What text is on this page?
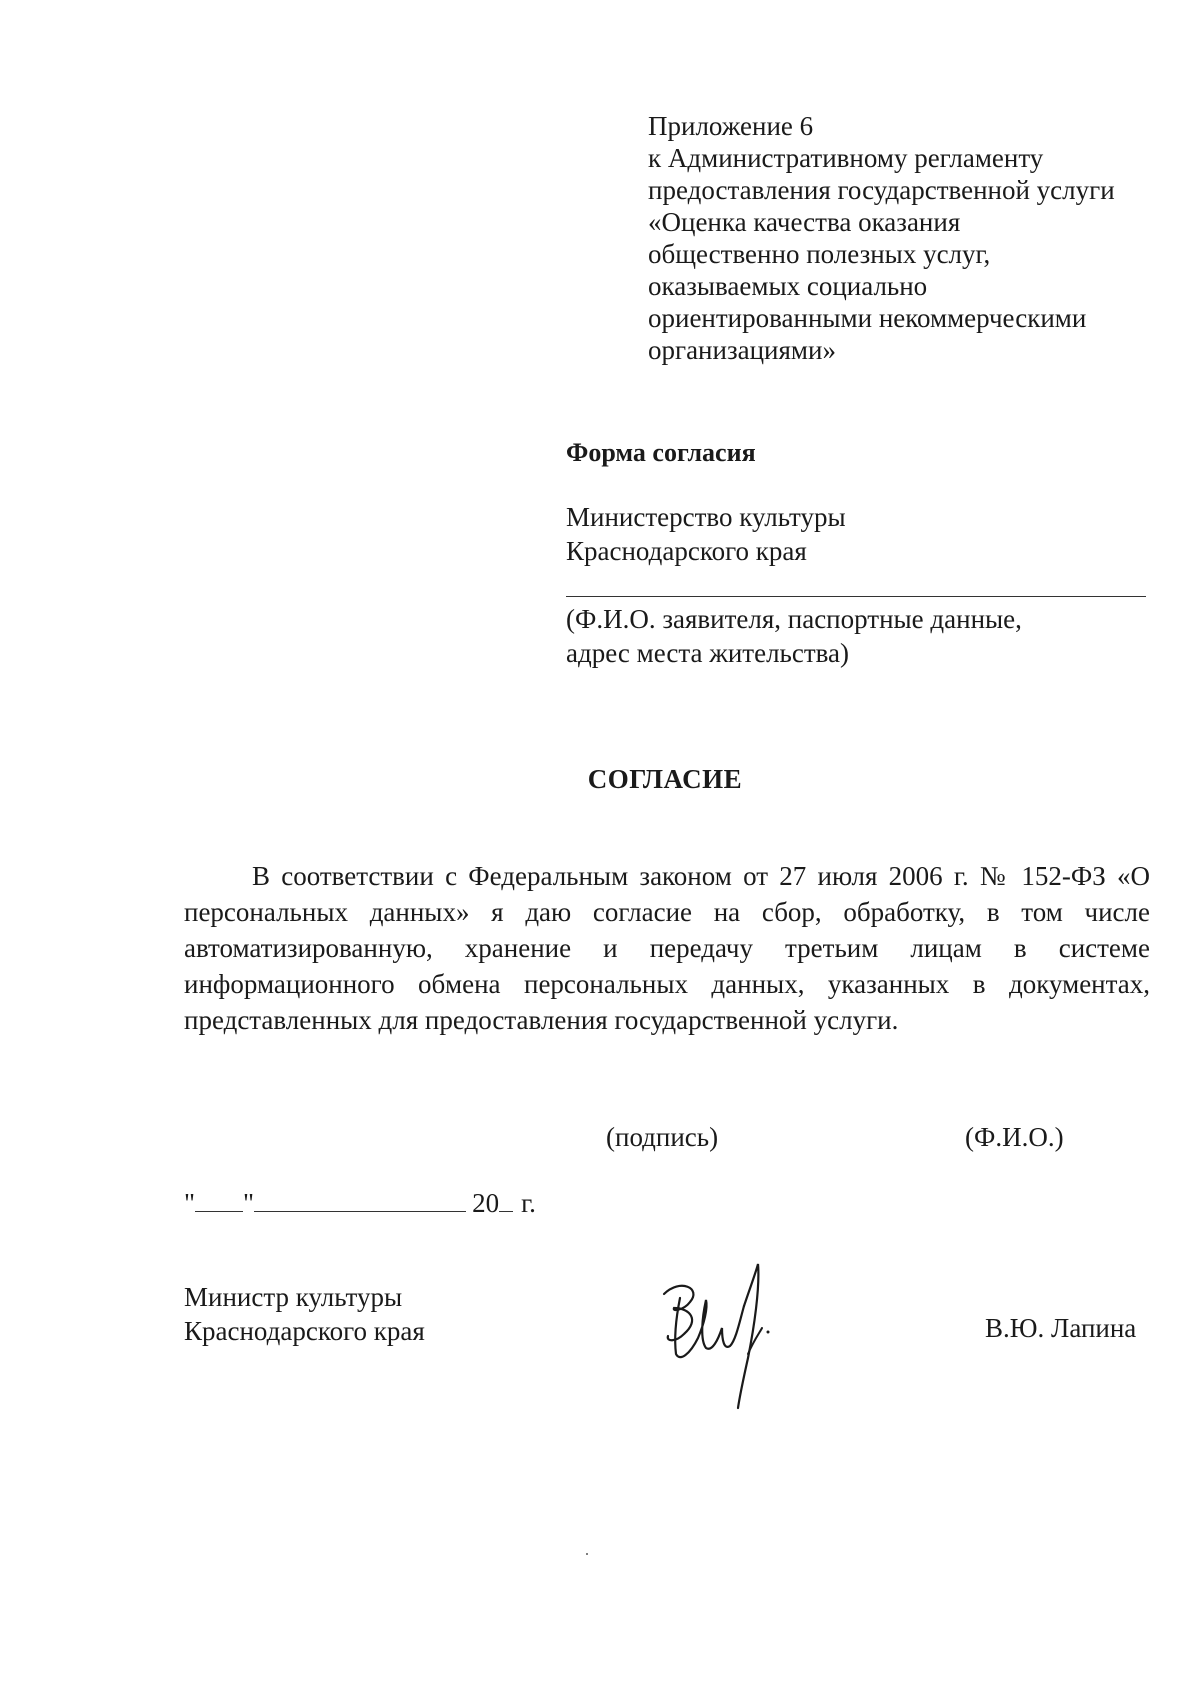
Приложение 6
к Административному регламенту
предоставления государственной услуги
«Оценка качества оказания
общественно полезных услуг,
оказываемых социально
ориентированными некоммерческими
организациями»
Форма согласия
Министерство культуры
Краснодарского края
(Ф.И.О. заявителя, паспортные данные,
адрес места жительства)
СОГЛАСИЕ
В соответствии с Федеральным законом от 27 июля 2006 г. № 152-ФЗ «О персональных данных» я даю согласие на сбор, обработку, в том числе автоматизированную, хранение и передачу третьим лицам в системе информационного обмена персональных данных, указанных в документах, представленных для предоставления государственной услуги.
(подпись)	(Ф.И.О.)
" "	20 г.
Министр культуры
Краснодарского края	В.Ю. Лапина
